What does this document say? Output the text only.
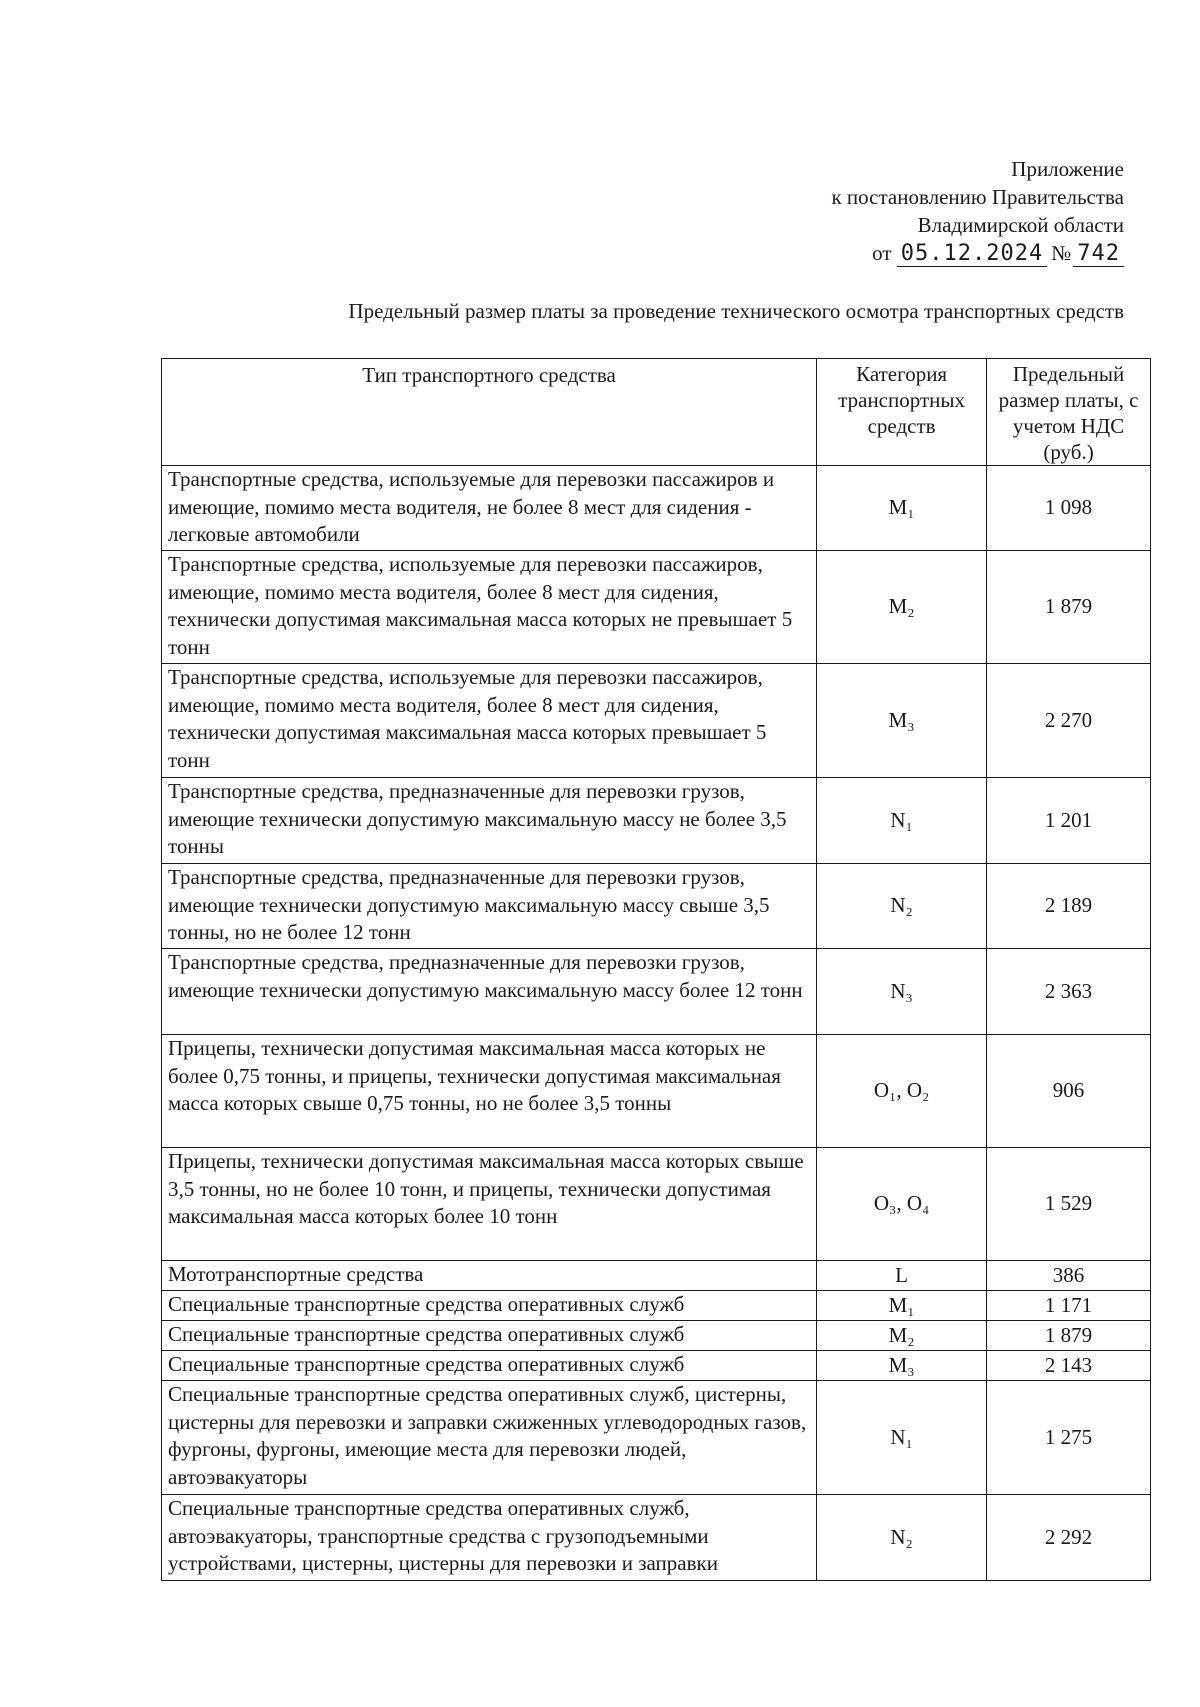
Приложение
к постановлению Правительства
Владимирской области
от 05.12.2024 № 742
Предельный размер платы за проведение технического осмотра транспортных средств
Тип транспортного средства	Категория транспортных средств	Предельный размер платы, с учетом НДС (руб.)
Транспортные средства, используемые для перевозки пассажиров и имеющие, помимо места водителя, не более 8 мест для сидения - легковые автомобили	M₁	1 098
Транспортные средства, используемые для перевозки пассажиров, имеющие, помимо места водителя, более 8 мест для сидения, технически допустимая максимальная масса которых не превышает 5 тонн	M₂	1 879
Транспортные средства, используемые для перевозки пассажиров, имеющие, помимо места водителя, более 8 мест для сидения, технически допустимая максимальная масса которых превышает 5 тонн	M₃	2 270
Транспортные средства, предназначенные для перевозки грузов, имеющие технически допустимую максимальную массу не более 3,5 тонны	N₁	1 201
Транспортные средства, предназначенные для перевозки грузов, имеющие технически допустимую максимальную массу свыше 3,5 тонны, но не более 12 тонн	N₂	2 189
Транспортные средства, предназначенные для перевозки грузов, имеющие технически допустимую максимальную массу более 12 тонн	N₃	2 363
Прицепы, технически допустимая максимальная масса которых не более 0,75 тонны, и прицепы, технически допустимая максимальная масса которых свыше 0,75 тонны, но не более 3,5 тонны	O₁, O₂	906
Прицепы, технически допустимая максимальная масса которых свыше 3,5 тонны, но не более 10 тонн, и прицепы, технически допустимая максимальная масса которых более 10 тонн	O₃, O₄	1 529
Мототранспортные средства	L	386
Специальные транспортные средства оперативных служб	M₁	1 171
Специальные транспортные средства оперативных служб	M₂	1 879
Специальные транспортные средства оперативных служб	M₃	2 143
Специальные транспортные средства оперативных служб, цистерны, цистерны для перевозки и заправки сжиженных углеводородных газов, фургоны, фургоны, имеющие места для перевозки людей, автоэвакуаторы	N₁	1 275
Специальные транспортные средства оперативных служб, автоэвакуаторы, транспортные средства с грузоподъемными устройствами, цистерны, цистерны для перевозки и заправки	N₂	2 292
